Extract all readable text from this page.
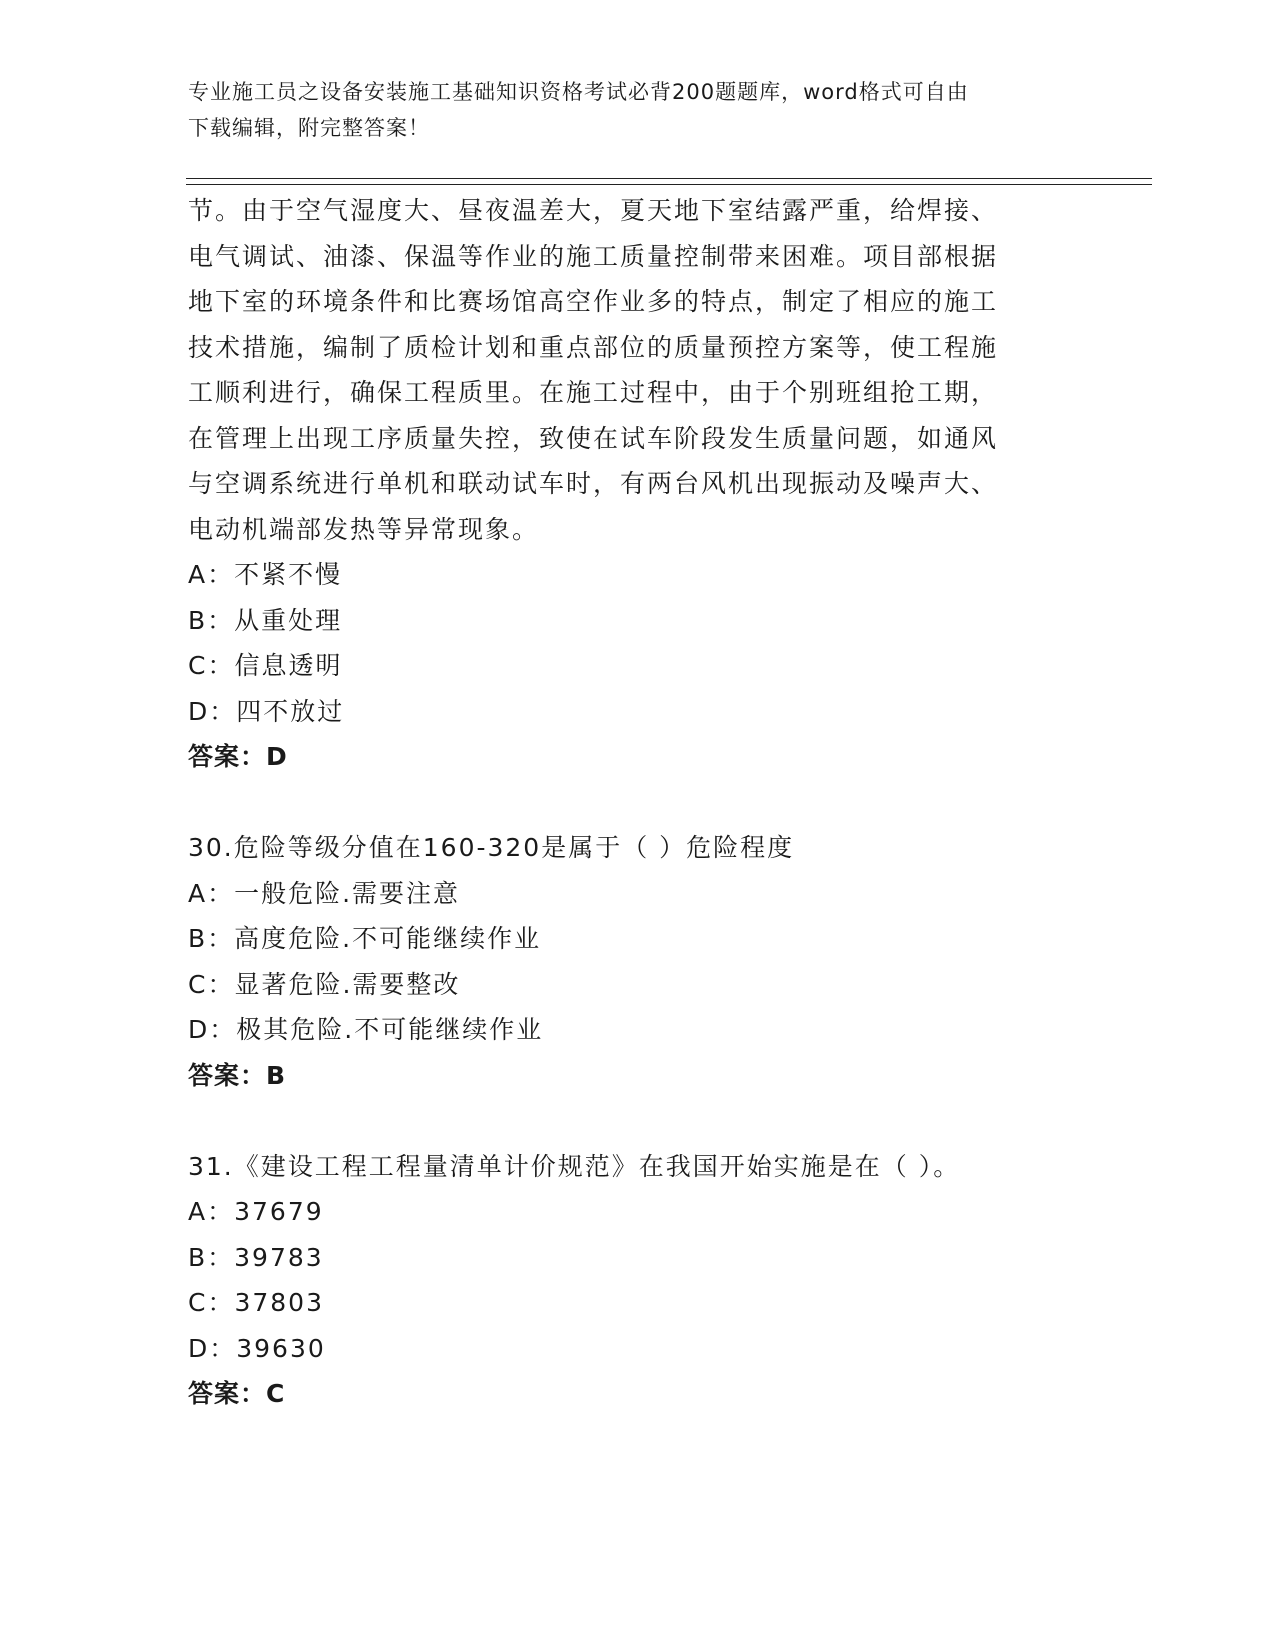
专业施工员之设备安装施工基础知识资格考试必背200题题库，word格式可自由
下载编辑，附完整答案！

节。由于空气湿度大、昼夜温差大，夏天地下室结露严重，给焊接、

电气调试、油漆、保温等作业的施工质量控制带来困难。项目部根据

地下室的环境条件和比赛场馆高空作业多的特点，制定了相应的施工

技术措施，编制了质检计划和重点部位的质量预控方案等，使工程施

工顺利进行，确保工程质里。在施工过程中，由于个别班组抢工期，

在管理上出现工序质量失控，致使在试车阶段发生质量问题，如通风

与空调系统进行单机和联动试车时，有两台风机出现振动及噪声大、

电动机端部发热等异常现象。

A：不紧不慢

B：从重处理

C：信息透明

D：四不放过

答案：D

30.危险等级分值在160-320是属于（ ）危险程度

A：一般危险.需要注意

B：高度危险.不可能继续作业

C：显著危险.需要整改

D：极其危险.不可能继续作业

答案：B

31.《建设工程工程量清单计价规范》在我国开始实施是在（ ）。

A：37679

B：39783

C：37803

D：39630

答案：C
